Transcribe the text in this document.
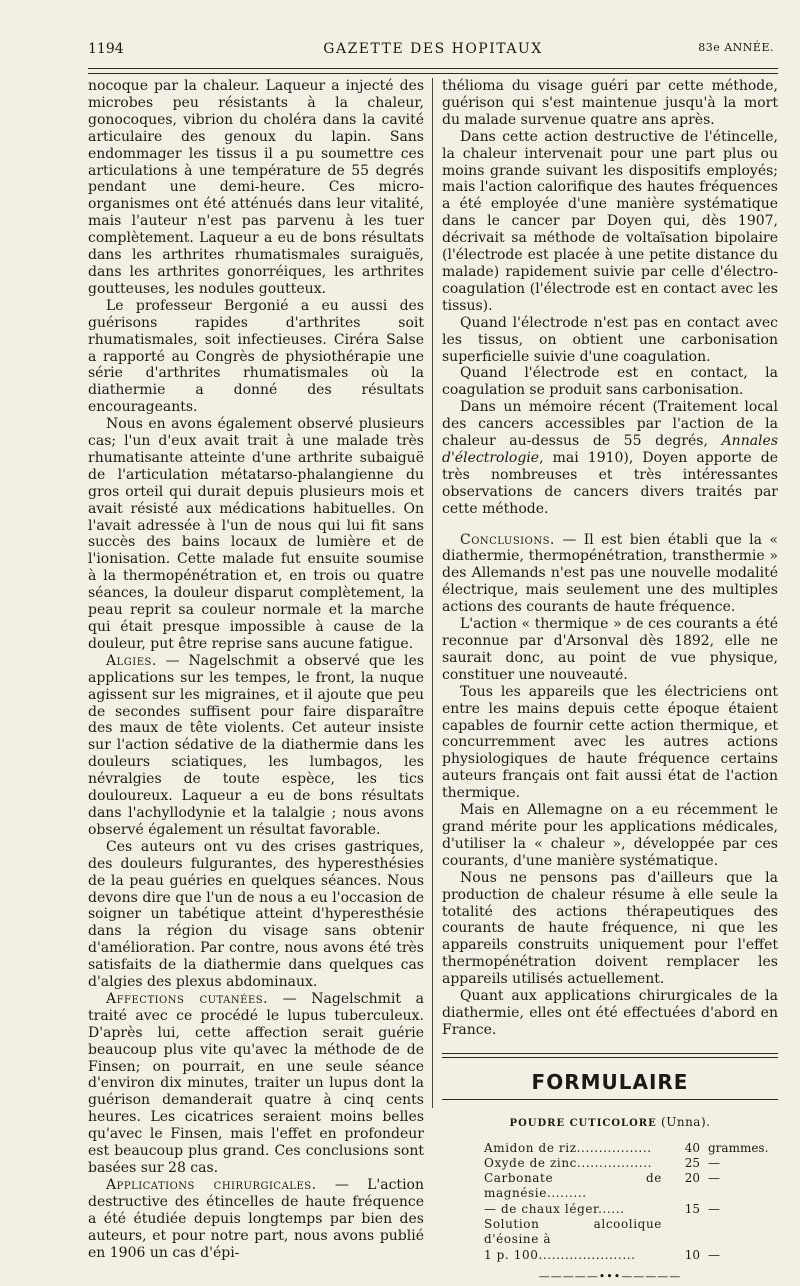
1194	GAZETTE DES HOPITAUX	83e ANNÉE.

nocoque par la chaleur. Laqueur a injecté des microbes peu résistants à la chaleur, gonocoques, vibrion du choléra dans la cavité articulaire des genoux du lapin. Sans endommager les tissus il a pu soumettre ces articulations à une température de 55 degrés pendant une demi-heure. Ces micro-organismes ont été atténués dans leur vitalité, mais l'auteur n'est pas parvenu à les tuer complètement. Laqueur a eu de bons résultats dans les arthrites rhumatismales suraiguës, dans les arthrites gonorréiques, les arthrites goutteuses, les nodules goutteux.

Le professeur Bergonié a eu aussi des guérisons rapides d'arthrites soit rhumatismales, soit infectieuses. Ciréra Salse a rapporté au Congrès de physiothérapie une série d'arthrites rhumatismales où la diathermie a donné des résultats encourageants.

Nous en avons également observé plusieurs cas; l'un d'eux avait trait à une malade très rhumatisante atteinte d'une arthrite subaiguë de l'articulation métatarso-phalangienne du gros orteil qui durait depuis plusieurs mois et avait résisté aux médications habituelles. On l'avait adressée à l'un de nous qui lui fit sans succès des bains locaux de lumière et de l'ionisation. Cette malade fut ensuite soumise à la thermopénétration et, en trois ou quatre séances, la douleur disparut complètement, la peau reprit sa couleur normale et la marche qui était presque impossible à cause de la douleur, put être reprise sans aucune fatigue.

Algies. — Nagelschmit a observé que les applications sur les tempes, le front, la nuque agissent sur les migraines, et il ajoute que peu de secondes suffisent pour faire disparaître des maux de tête violents. Cet auteur insiste sur l'action sédative de la diathermie dans les douleurs sciatiques, les lumbagos, les névralgies de toute espèce, les tics douloureux. Laqueur a eu de bons résultats dans l'achyllodynie et la talalgie ; nous avons observé également un résultat favorable.

Ces auteurs ont vu des crises gastriques, des douleurs fulgurantes, des hyperesthésies de la peau guéries en quelques séances. Nous devons dire que l'un de nous a eu l'occasion de soigner un tabétique atteint d'hyperesthésie dans la région du visage sans obtenir d'amélioration. Par contre, nous avons été très satisfaits de la diathermie dans quelques cas d'algies des plexus abdominaux.

Affections cutanées. — Nagelschmit a traité avec ce procédé le lupus tuberculeux. D'après lui, cette affection serait guérie beaucoup plus vite qu'avec la méthode de de Finsen; on pourrait, en une seule séance d'environ dix minutes, traiter un lupus dont la guérison demanderait quatre à cinq cents heures. Les cicatrices seraient moins belles qu'avec le Finsen, mais l'effet en profondeur est beaucoup plus grand. Ces conclusions sont basées sur 28 cas.

Applications chirurgicales. — L'action destructive des étincelles de haute fréquence a été étudiée depuis longtemps par bien des auteurs, et pour notre part, nous avons publié en 1906 un cas d'épi-

thélioma du visage guéri par cette méthode, guérison qui s'est maintenue jusqu'à la mort du malade survenue quatre ans après.

Dans cette action destructive de l'étincelle, la chaleur intervenait pour une part plus ou moins grande suivant les dispositifs employés; mais l'action calorifique des hautes fréquences a été employée d'une manière systématique dans le cancer par Doyen qui, dès 1907, décrivait sa méthode de voltaïsation bipolaire (l'électrode est placée à une petite distance du malade) rapidement suivie par celle d'électro-coagulation (l'électrode est en contact avec les tissus).

Quand l'électrode n'est pas en contact avec les tissus, on obtient une carbonisation superficielle suivie d'une coagulation.

Quand l'électrode est en contact, la coagulation se produit sans carbonisation.

Dans un mémoire récent (Traitement local des cancers accessibles par l'action de la chaleur au-dessus de 55 degrés, Annales d'électrologie, mai 1910), Doyen apporte de très nombreuses et très intéressantes observations de cancers divers traités par cette méthode.

Conclusions. — Il est bien établi que la « diathermie, thermopénétration, transthermie » des Allemands n'est pas une nouvelle modalité électrique, mais seulement une des multiples actions des courants de haute fréquence.

L'action « thermique » de ces courants a été reconnue par d'Arsonval dès 1892, elle ne saurait donc, au point de vue physique, constituer une nouveauté.

Tous les appareils que les électriciens ont entre les mains depuis cette époque étaient capables de fournir cette action thermique, et concurremment avec les autres actions physiologiques de haute fréquence certains auteurs français ont fait aussi état de l'action thermique.

Mais en Allemagne on a eu récemment le grand mérite pour les applications médicales, d'utiliser la « chaleur », développée par ces courants, d'une manière systématique.

Nous ne pensons pas d'ailleurs que la production de chaleur résume à elle seule la totalité des actions thérapeutiques des courants de haute fréquence, ni que les appareils construits uniquement pour l'effet thermopénétration doivent remplacer les appareils utilisés actuellement.

Quant aux applications chirurgicales de la diathermie, elles ont été effectuées d'abord en France.

FORMULAIRE
POUDRE CUTICOLORE (Unna).
Amidon de riz.................	40	grammes.
Oxyde de zinc.................	25	—
Carbonate de magnésie.........	20	—
— de chaux léger......	15	—
Solution alcoolique d'éosine à		
1 p. 100......................	10	—
—————•••—————
